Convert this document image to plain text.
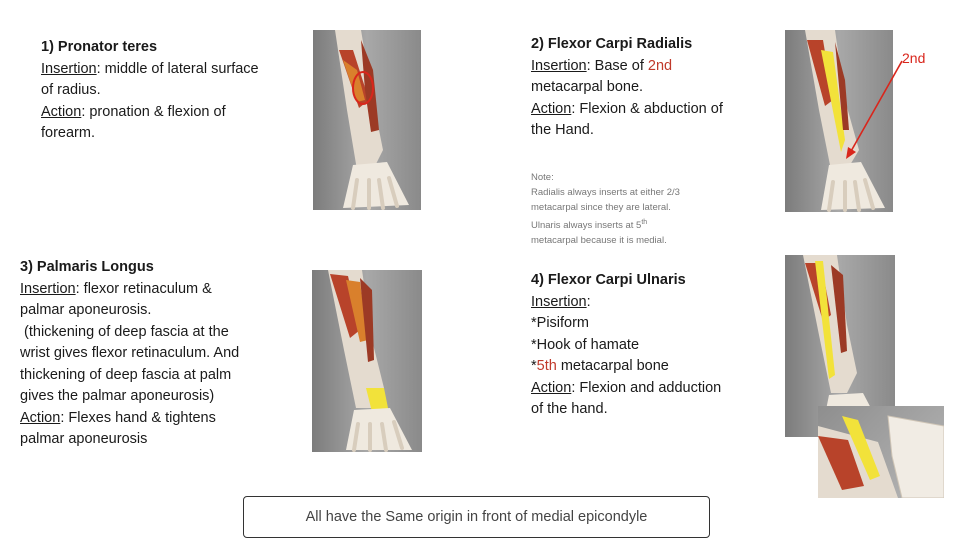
1) Pronator teres
Insertion: middle of lateral surface
of radius.
Action: pronation & flexion of
forearm.
2) Flexor Carpi Radialis
Insertion: Base of 2nd
metacarpal bone.
Action: Flexion & abduction of
the Hand.
2nd
Note:
Radialis always inserts at either 2/3
metacarpal since they are lateral.
Ulnaris always inserts at 5th
metacarpal because it is medial.
3) Palmaris Longus
Insertion: flexor retinaculum &
palmar aponeurosis.
(thickening of deep fascia at the
wrist gives flexor retinaculum. And
thickening of deep fascia at palm
gives the palmar aponeurosis)
Action: Flexes hand & tightens
palmar aponeurosis
4) Flexor Carpi Ulnaris
Insertion:
*Pisiform
*Hook of hamate
*5th metacarpal bone
Action: Flexion and adduction
of the hand.
All have the Same origin in front of medial epicondyle
